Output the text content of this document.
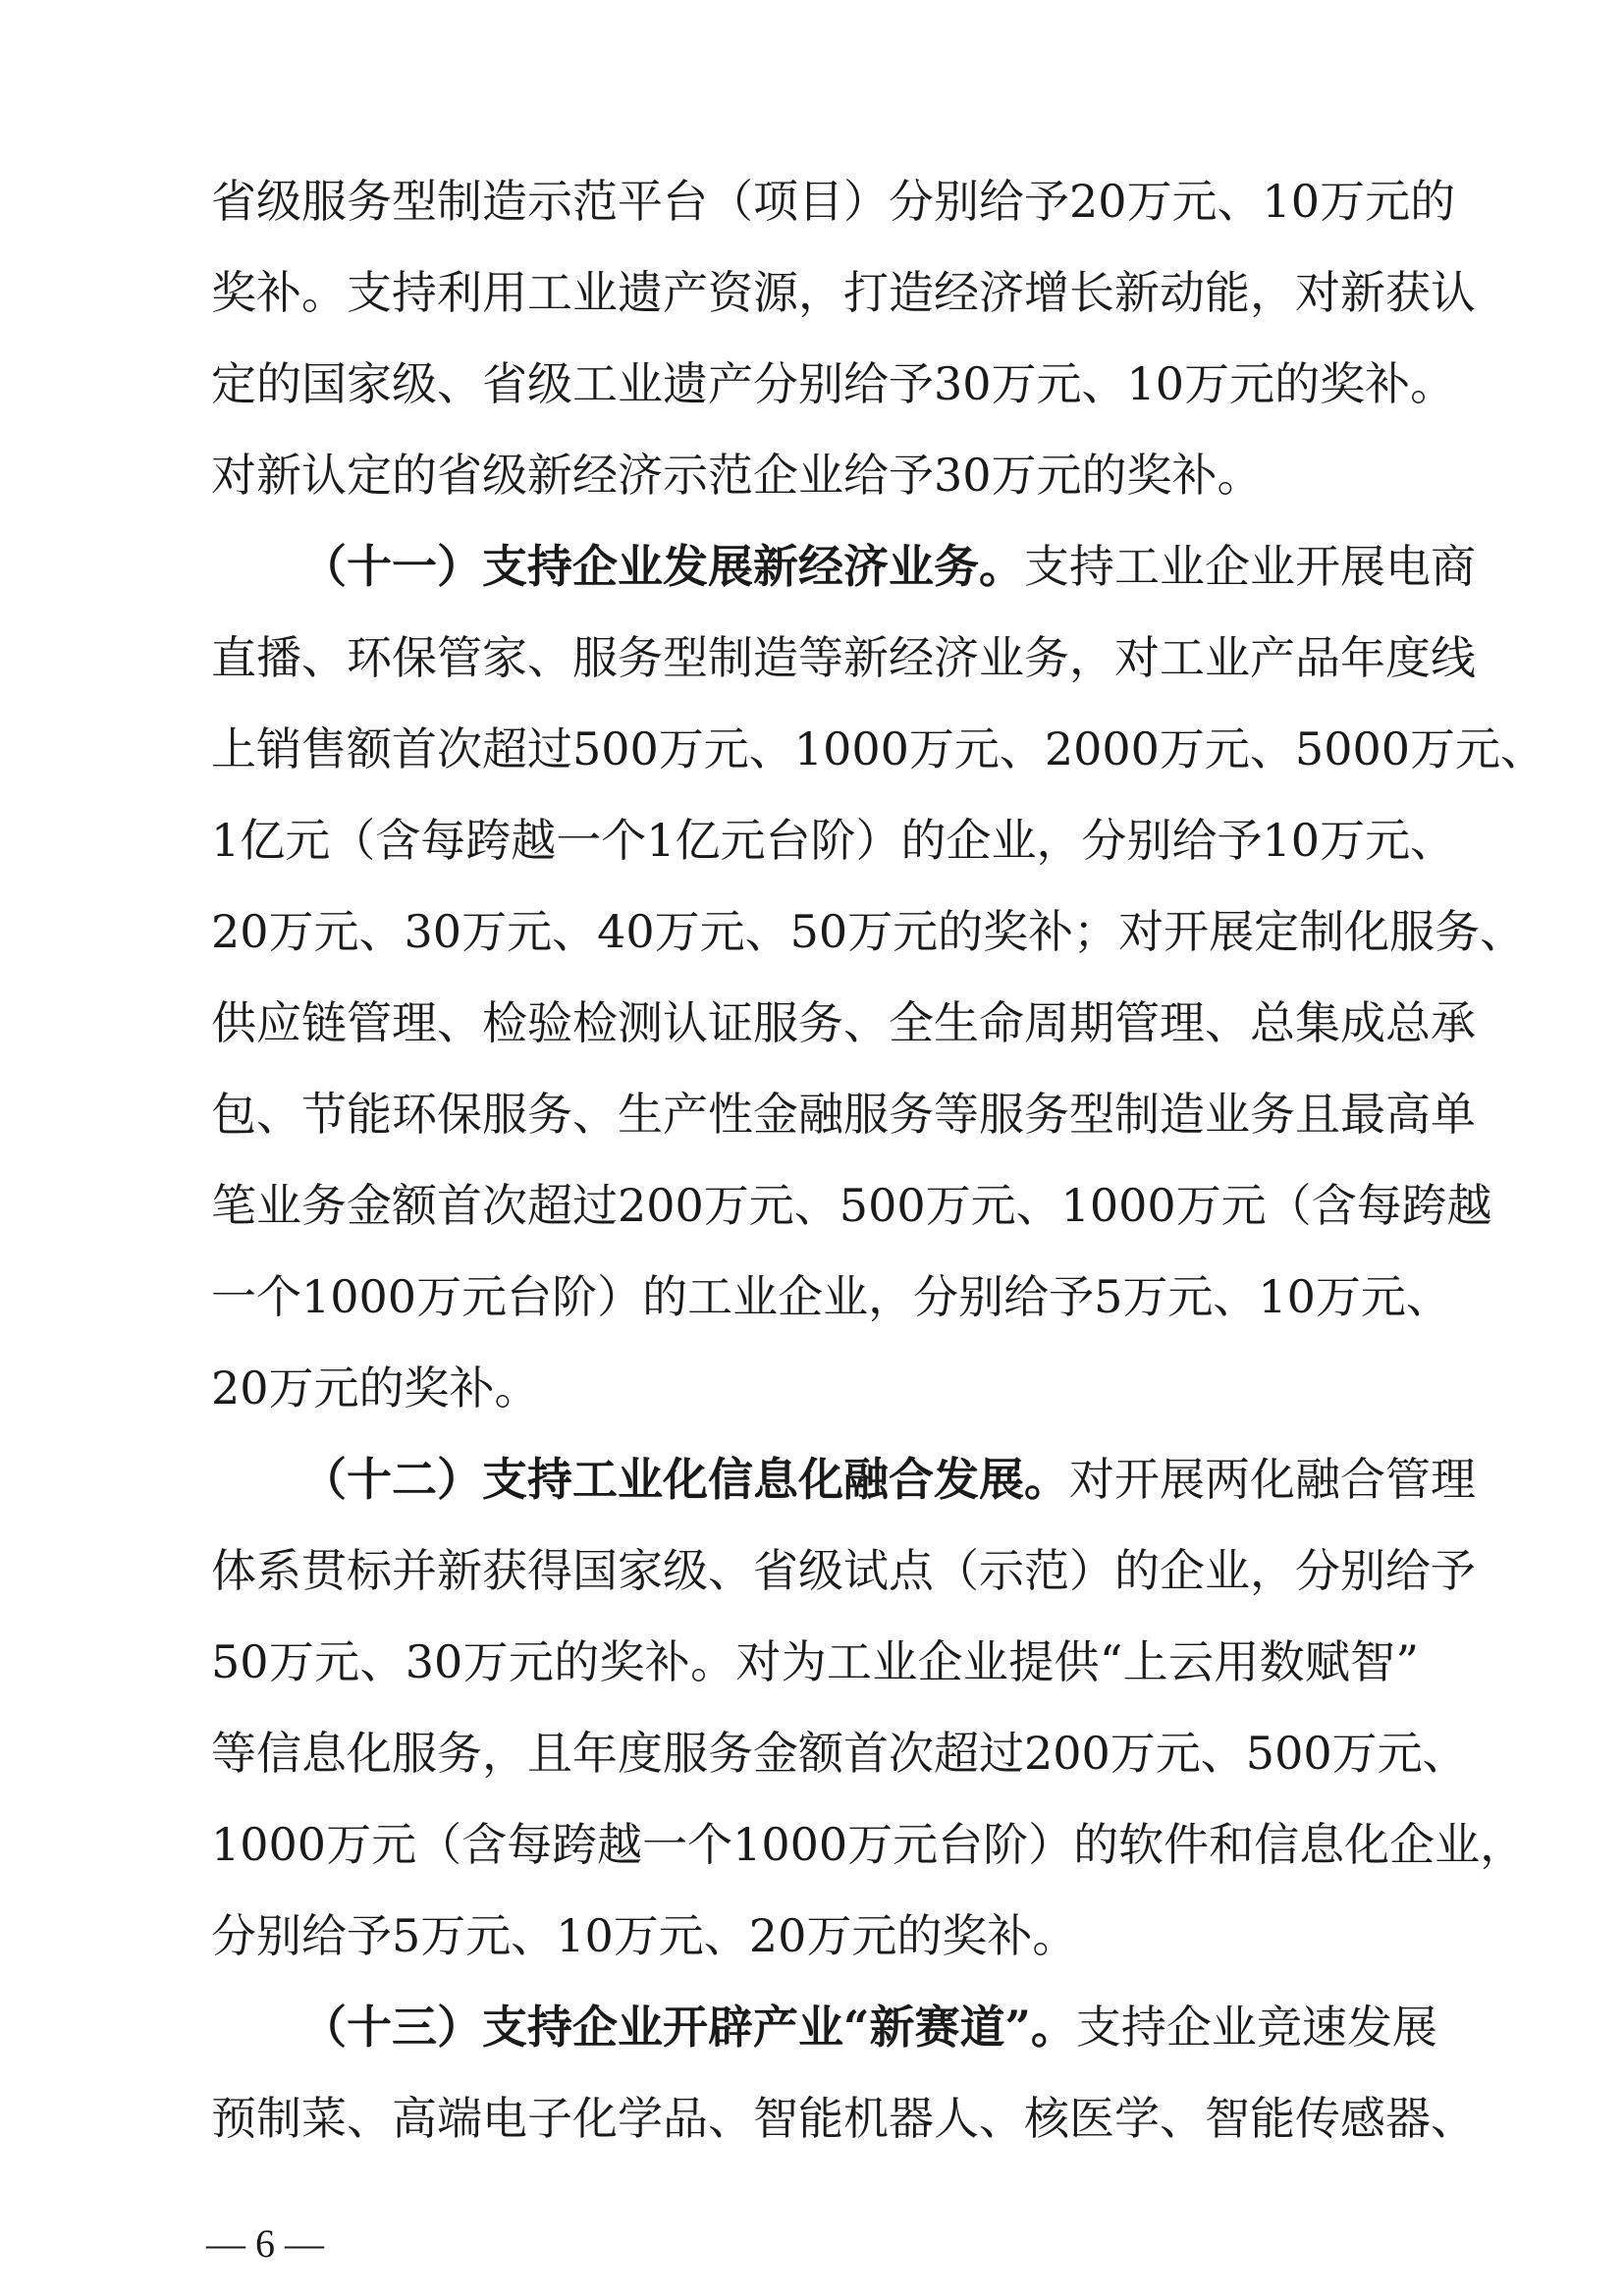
省级服务型制造示范平台（项目）分别给予20万元、10万元的
奖补。支持利用工业遗产资源，打造经济增长新动能，对新获认
定的国家级、省级工业遗产分别给予30万元、10万元的奖补。
对新认定的省级新经济示范企业给予30万元的奖补。
（十一）支持企业发展新经济业务。支持工业企业开展电商
直播、环保管家、服务型制造等新经济业务，对工业产品年度线
上销售额首次超过500万元、1000万元、2000万元、5000万元、
1亿元（含每跨越一个1亿元台阶）的企业，分别给予10万元、
20万元、30万元、40万元、50万元的奖补；对开展定制化服务、
供应链管理、检验检测认证服务、全生命周期管理、总集成总承
包、节能环保服务、生产性金融服务等服务型制造业务且最高单
笔业务金额首次超过200万元、500万元、1000万元（含每跨越
一个1000万元台阶）的工业企业，分别给予5万元、10万元、
20万元的奖补。
（十二）支持工业化信息化融合发展。对开展两化融合管理
体系贯标并新获得国家级、省级试点（示范）的企业，分别给予
50万元、30万元的奖补。对为工业企业提供“上云用数赋智”
等信息化服务，且年度服务金额首次超过200万元、500万元、
1000万元（含每跨越一个1000万元台阶）的软件和信息化企业，
分别给予5万元、10万元、20万元的奖补。
（十三）支持企业开辟产业“新赛道”。支持企业竞速发展
预制菜、高端电子化学品、智能机器人、核医学、智能传感器、
— 6 —
